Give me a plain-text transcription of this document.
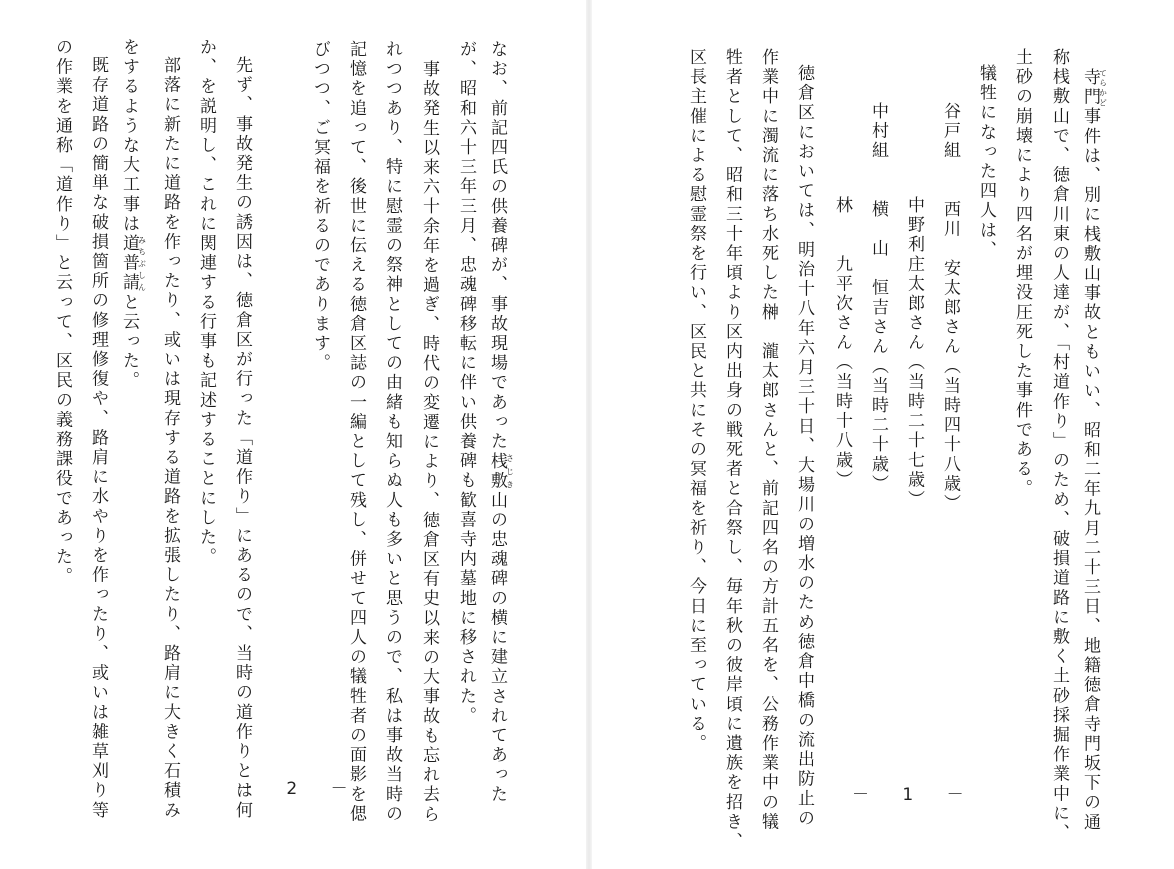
なお、前記四氏の供養碑が、事故現場であった桟敷さじき山の忠魂碑の横に建立されてあった
が、昭和六十三年三月、忠魂碑移転に伴い供養碑も歓喜寺内墓地に移された。
事故発生以来六十余年を過ぎ、時代の変遷により、徳倉区有史以来の大事故も忘れ去ら
れつつあり、特に慰霊の祭神としての由緒も知らぬ人も多いと思うので、私は事故当時の
記憶を追って、後世に伝える徳倉区誌の一編として残し、併せて四人の犠牲者の面影を偲
びつつ、ご冥福を祈るのであります。
先ず、事故発生の誘因は、徳倉区が行った「道作り」にあるので、当時の道作りとは何
か、を説明し、これに関連する行事も記述することにした。
部落に新たに道路を作ったり、或いは現存する道路を拡張したり、路肩に大きく石積み
をするような大工事は道普請みちぶしんと云った。
既存道路の簡単な破損箇所の修理修復や、路肩に水やりを作ったり、或いは雑草刈り等
の作業を通称「道作り」と云って、区民の義務課役であった。
－ 2 －
寺門てらかど事件は、別に桟敷山事故ともいい、昭和二年九月二十三日、地籍徳倉寺門坂下の通
称桟敷山で、徳倉川東の人達が、「村道作り」のため、破損道路に敷く土砂採掘作業中に、
土砂の崩壊により四名が埋没圧死した事件である。
犠牲になった四人は、
谷戸組　　西川　安太郎さん（当時四十八歳）
中野利庄太郎さん（当時二十七歳）
中村組　　横　山　恒吉さん（当時二十歳）
林　　九平次さん（当時十八歳）
徳倉区においては、明治十八年六月三十日、大場川の増水のため徳倉中橋の流出防止の
作業中に濁流に落ち水死した榊　瀧太郎さんと、前記四名の方計五名を、公務作業中の犠
牲者として、昭和三十年頃より区内出身の戦死者と合祭し、毎年秋の彼岸頃に遺族を招き、
区長主催による慰霊祭を行い、区民と共にその冥福を祈り、今日に至っている。
－ 1 －
